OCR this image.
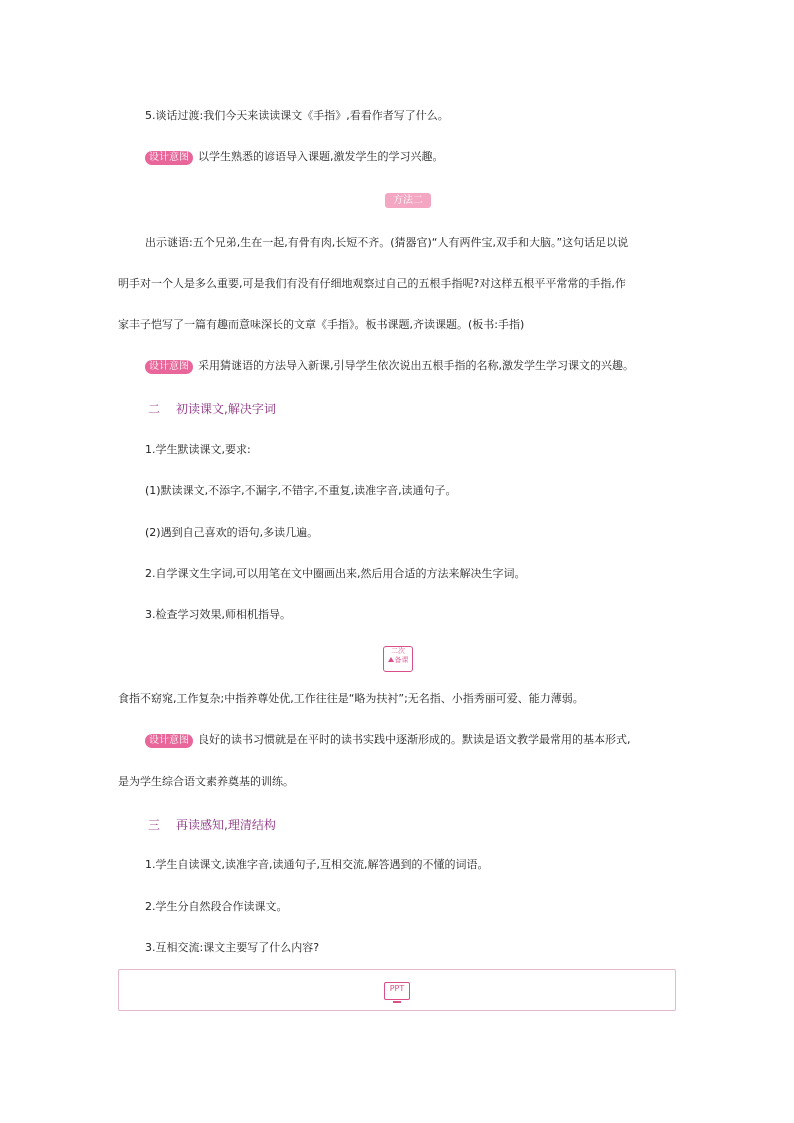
5.谈话过渡:我们今天来读读课文《手指》,看看作者写了什么。
设计意图 以学生熟悉的谚语导入课题,激发学生的学习兴趣。
方法二
出示谜语:五个兄弟,生在一起,有骨有肉,长短不齐。(猜器官)“人有两件宝,双手和大脑。”这句话足以说
明手对一个人是多么重要,可是我们有没有仔细地观察过自己的五根手指呢?对这样五根平平常常的手指,作
家丰子恺写了一篇有趣而意味深长的文章《手指》。板书课题,齐读课题。(板书:手指)
设计意图 采用猜谜语的方法导入新课,引导学生依次说出五根手指的名称,激发学生学习课文的兴趣。
二 初读课文,解决字词
1.学生默读课文,要求:
(1)默读课文,不添字,不漏字,不错字,不重复,读准字音,读通句子。
(2)遇到自己喜欢的语句,多读几遍。
2.自学课文生字词,可以用笔在文中圈画出来,然后用合适的方法来解决生字词。
3.检查学习效果,师相机指导。
二次
备课
食指不窈窕,工作复杂;中指养尊处优,工作往往是“略为扶衬”;无名指、小指秀丽可爱、能力薄弱。
设计意图 良好的读书习惯就是在平时的读书实践中逐渐形成的。默读是语文教学最常用的基本形式,
是为学生综合语文素养奠基的训练。
三 再读感知,理清结构
1.学生自读课文,读准字音,读通句子,互相交流,解答遇到的不懂的词语。
2.学生分自然段合作读课文。
3.互相交流:课文主要写了什么内容?
PPT
